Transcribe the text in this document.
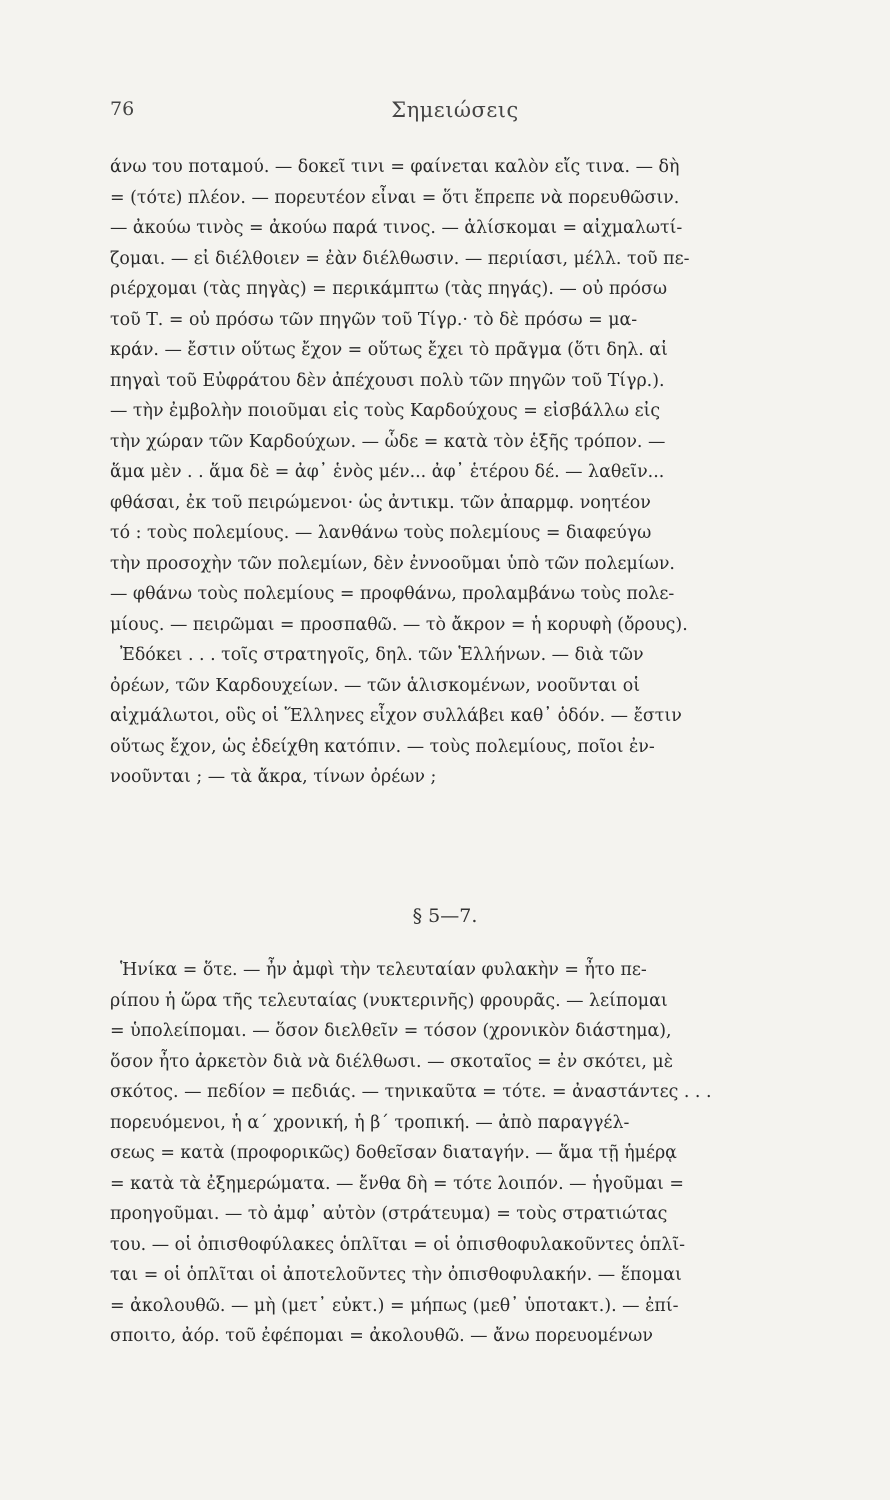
76	Σημειώσεις
άνω του ποταμού. — δοκεῖ τινι = φαίνεται καλὸν εἴς τινα. — δὴ
= (τότε) πλέον. — πορευτέον εἶναι = ὅτι ἔπρεπε νὰ πορευθῶσιν.
— ἀκούω τινὸς = ἀκούω παρά τινος. — ἁλίσκομαι = αἰχμαλωτί-
ζομαι. — εἰ διέλθοιεν = ἐὰν διέλθωσιν. — περιίασι, μέλλ. τοῦ πε-
ριέρχομαι (τὰς πηγὰς) = περικάμπτω (τὰς πηγάς). — οὐ πρόσω
τοῦ Τ. = οὐ πρόσω τῶν πηγῶν τοῦ Τίγρ.· τὸ δὲ πρόσω = μα-
κράν. — ἔστιν οὕτως ἔχον = οὕτως ἔχει τὸ πρᾶγμα (ὅτι δηλ. αἱ
πηγαὶ τοῦ Εὐφράτου δὲν ἀπέχουσι πολὺ τῶν πηγῶν τοῦ Τίγρ.).
— τὴν ἐμβολὴν ποιοῦμαι εἰς τοὺς Καρδούχους = εἰσβάλλω εἰς
τὴν χώραν τῶν Καρδούχων. — ὧδε = κατὰ τὸν ἑξῆς τρόπον. —
ἅμα μὲν . . ἅμα δὲ = ἀφ᾽ ἑνὸς μέν... ἀφ᾽ ἑτέρου δέ. — λαθεῖν...
φθάσαι, ἐκ τοῦ πειρώμενοι· ὡς ἀντικμ. τῶν ἀπαρμφ. νοητέον
τό : τοὺς πολεμίους. — λανθάνω τοὺς πολεμίους = διαφεύγω
τὴν προσοχὴν τῶν πολεμίων, δὲν ἐννοοῦμαι ὑπὸ τῶν πολεμίων.
— φθάνω τοὺς πολεμίους = προφθάνω, προλαμβάνω τοὺς πολε-
μίους. — πειρῶμαι = προσπαθῶ. — τὸ ἄκρον = ἡ κορυφὴ (ὄρους).
Ἐδόκει . . . τοῖς στρατηγοῖς, δηλ. τῶν Ἑλλήνων. — διὰ τῶν
ὀρέων, τῶν Καρδουχείων. — τῶν ἁλισκομένων, νοοῦνται οἱ
αἰχμάλωτοι, οὓς οἱ Ἕλληνες εἶχον συλλάβει καθ᾽ ὁδόν. — ἔστιν
οὕτως ἔχον, ὡς ἐδείχθη κατόπιν. — τοὺς πολεμίους, ποῖοι ἐν-
νοοῦνται ; — τὰ ἄκρα, τίνων ὀρέων ;
§ 5—7.
Ἡνίκα = ὅτε. — ἦν ἀμφὶ τὴν τελευταίαν φυλακὴν = ἦτο πε-
ρίπου ἡ ὥρα τῆς τελευταίας (νυκτερινῆς) φρουρᾶς. — λείπομαι
= ὑπολείπομαι. — ὅσον διελθεῖν = τόσον (χρονικὸν διάστημα),
ὅσον ἦτο ἀρκετὸν διὰ νὰ διέλθωσι. — σκοταῖος = ἐν σκότει, μὲ
σκότος. — πεδίον = πεδιάς. — τηνικαῦτα = τότε. = ἀναστάντες . . .
πορευόμενοι, ἡ α΄ χρονική, ἡ β΄ τροπική. — ἀπὸ παραγγέλ-
σεως = κατὰ (προφορικῶς) δοθεῖσαν διαταγήν. — ἅμα τῇ ἡμέρᾳ
= κατὰ τὰ ἐξημερώματα. — ἔνθα δὴ = τότε λοιπόν. — ἡγοῦμαι =
προηγοῦμαι. — τὸ ἀμφ᾽ αὐτὸν (στράτευμα) = τοὺς στρατιώτας
του. — οἱ ὀπισθοφύλακες ὁπλῖται = οἱ ὀπισθοφυλακοῦντες ὁπλῖ-
ται = οἱ ὁπλῖται οἱ ἀποτελοῦντες τὴν ὀπισθοφυλακήν. — ἕπομαι
= ἀκολουθῶ. — μὴ (μετ᾽ εὐκτ.) = μήπως (μεθ᾽ ὑποτακτ.). — ἐπί-
σποιτο, ἀόρ. τοῦ ἐφέπομαι = ἀκολουθῶ. — ἄνω πορευομένων
